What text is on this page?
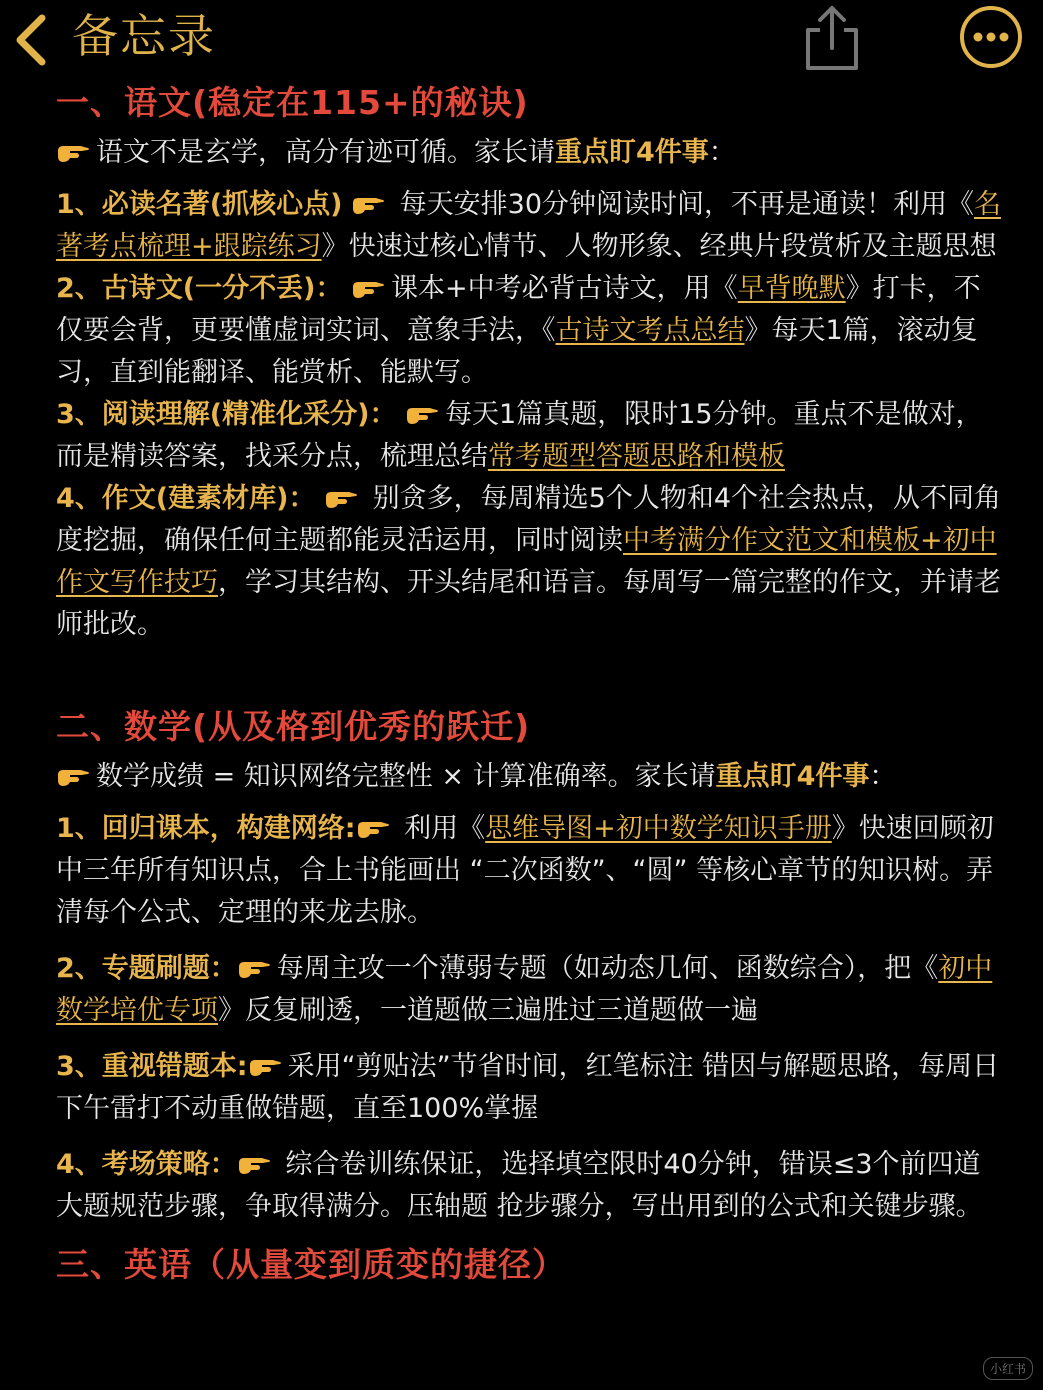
备忘录
一、语文(稳定在115+的秘诀)

语文不是玄学，高分有迹可循。家长请重点盯4件事：

1、必读名著(抓核心点)  每天安排30分钟阅读时间，不再是通读！利用《名著考点梳理+跟踪练习》快速过核心情节、人物形象、经典片段赏析及主题思想

2、古诗文(一分不丢)： 课本+中考必背古诗文，用《早背晚默》打卡，不仅要会背，更要懂虚词实词、意象手法，《古诗文考点总结》每天1篇，滚动复习，直到能翻译、能赏析、能默写。

3、阅读理解(精准化采分)： 每天1篇真题，限时15分钟。重点不是做对，而是精读答案，找采分点，梳理总结常考题型答题思路和模板

4、作文(建素材库)：  别贪多，每周精选5个人物和4个社会热点，从不同角度挖掘，确保任何主题都能灵活运用，同时阅读中考满分作文范文和模板+初中作文写作技巧，学习其结构、开头结尾和语言。每周写一篇完整的作文，并请老师批改。

二、数学(从及格到优秀的跃迁)

数学成绩 = 知识网络完整性 × 计算准确率。家长请重点盯4件事：

1、回归课本，构建网络: 利用《思维导图+初中数学知识手册》快速回顾初中三年所有知识点，合上书能画出 “二次函数”、“圆” 等核心章节的知识树。弄清每个公式、定理的来龙去脉。

2、专题刷题： 每周主攻一个薄弱专题（如动态几何、函数综合），把《初中数学培优专项》反复刷透，一道题做三遍胜过三道题做一遍

3、重视错题本: 采用“剪贴法”节省时间，红笔标注 错因与解题思路，每周日下午雷打不动重做错题，直至100%掌握

4、考场策略： 综合卷训练保证，选择填空限时40分钟，错误≤3个前四道大题规范步骤，争取得满分。压轴题 抢步骤分，写出用到的公式和关键步骤。

三、英语（从量变到质变的捷径）
小红书
